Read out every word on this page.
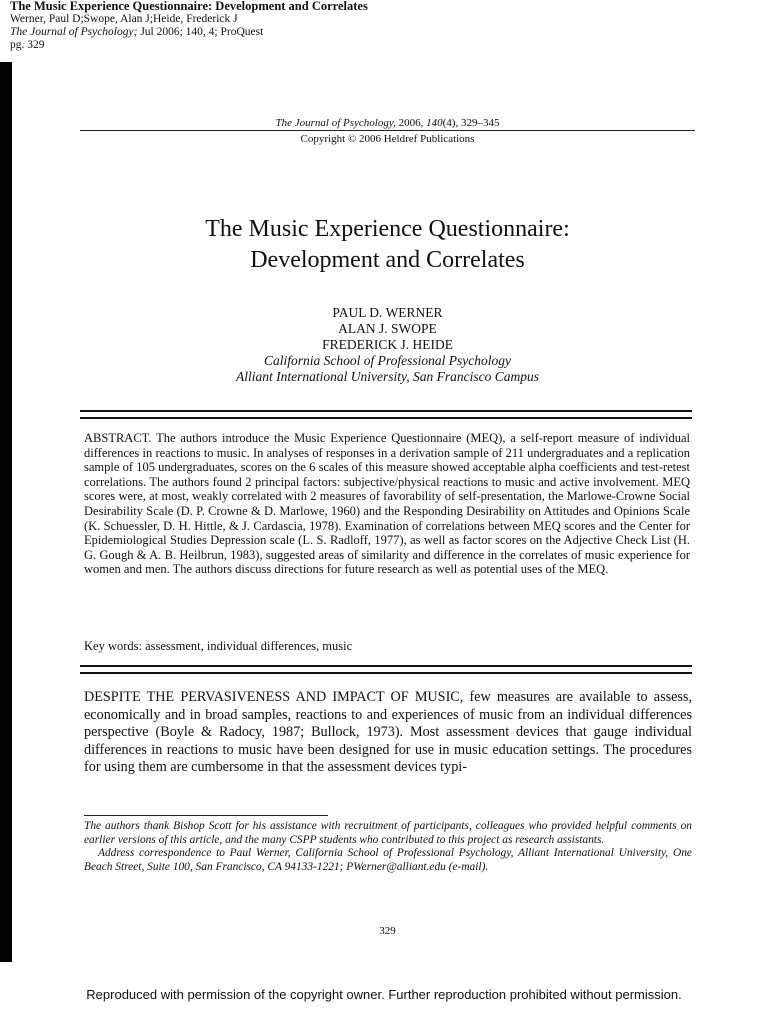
The Music Experience Questionnaire: Development and Correlates
Werner, Paul D;Swope, Alan J;Heide, Frederick J
The Journal of Psychology; Jul 2006; 140, 4; ProQuest
pg. 329
The Journal of Psychology, 2006, 140(4), 329–345
Copyright © 2006 Heldref Publications
The Music Experience Questionnaire:
Development and Correlates
PAUL D. WERNER
ALAN J. SWOPE
FREDERICK J. HEIDE
California School of Professional Psychology
Alliant International University, San Francisco Campus
ABSTRACT. The authors introduce the Music Experience Questionnaire (MEQ), a self-report measure of individual differences in reactions to music. In analyses of responses in a derivation sample of 211 undergraduates and a replication sample of 105 undergraduates, scores on the 6 scales of this measure showed acceptable alpha coefficients and test-retest correlations. The authors found 2 principal factors: subjective/physical reactions to music and active involvement. MEQ scores were, at most, weakly correlated with 2 measures of favorability of self-presentation, the Marlowe-Crowne Social Desirability Scale (D. P. Crowne & D. Marlowe, 1960) and the Responding Desirability on Attitudes and Opinions Scale (K. Schuessler, D. H. Hittle, & J. Cardascia, 1978). Examination of correlations between MEQ scores and the Center for Epidemiological Studies Depression scale (L. S. Radloff, 1977), as well as factor scores on the Adjective Check List (H. G. Gough & A. B. Heilbrun, 1983), suggested areas of similarity and difference in the correlates of music experience for women and men. The authors discuss directions for future research as well as potential uses of the MEQ.
Key words: assessment, individual differences, music
DESPITE THE PERVASIVENESS AND IMPACT OF MUSIC, few measures are available to assess, economically and in broad samples, reactions to and experiences of music from an individual differences perspective (Boyle & Radocy, 1987; Bullock, 1973). Most assessment devices that gauge individual differences in reactions to music have been designed for use in music education settings. The procedures for using them are cumbersome in that the assessment devices typi-

The authors thank Bishop Scott for his assistance with recruitment of participants, colleagues who provided helpful comments on earlier versions of this article, and the many CSPP students who contributed to this project as research assistants.

Address correspondence to Paul Werner, California School of Professional Psychology, Alliant International University, One Beach Street, Suite 100, San Francisco, CA 94133-1221; PWerner@alliant.edu (e-mail).

329
Reproduced with permission of the copyright owner. Further reproduction prohibited without permission.
